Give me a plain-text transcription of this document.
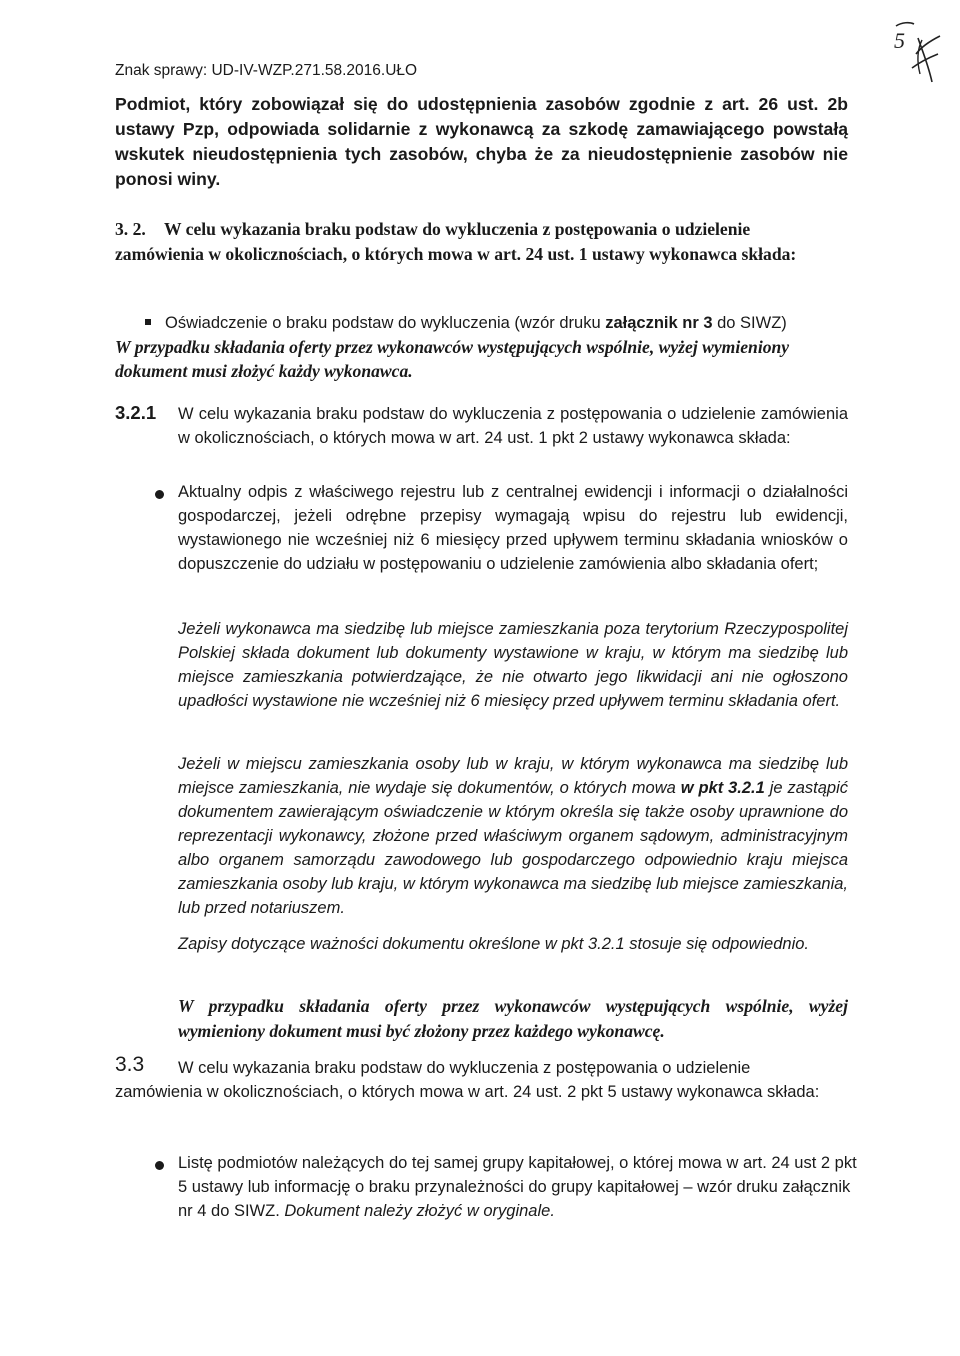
Znak sprawy: UD-IV-WZP.271.58.2016.UŁO
5

Podmiot, który zobowiązał się do udostępnienia zasobów zgodnie z art. 26 ust. 2b ustawy Pzp, odpowiada solidarnie z wykonawcą za szkodę zamawiającego powstałą wskutek nieudostępnienia tych zasobów, chyba że za nieudostępnienie zasobów nie ponosi winy.

3. 2.	W celu wykazania braku podstaw do wykluczenia z postępowania o udzielenie

zamówienia w okolicznościach, o których mowa w art. 24 ust. 1 ustawy wykonawca składa:

Oświadczenie o braku podstaw do wykluczenia (wzór druku załącznik nr 3 do SIWZ)

W przypadku składania oferty przez wykonawców występujących wspólnie, wyżej wymieniony dokument musi złożyć każdy wykonawca.

3.2.1 W celu wykazania braku podstaw do wykluczenia z postępowania o udzielenie zamówienia w okolicznościach, o których mowa w art. 24 ust. 1 pkt 2 ustawy wykonawca składa:

Aktualny odpis z właściwego rejestru lub z centralnej ewidencji i informacji o działalności gospodarczej, jeżeli odrębne przepisy wymagają wpisu do rejestru lub ewidencji, wystawionego nie wcześniej niż 6 miesięcy przed upływem terminu składania wniosków o dopuszczenie do udziału w postępowaniu o udzielenie zamówienia albo składania ofert;

Jeżeli wykonawca ma siedzibę lub miejsce zamieszkania poza terytorium Rzeczypospolitej Polskiej składa dokument lub dokumenty wystawione w kraju, w którym ma siedzibę lub miejsce zamieszkania potwierdzające, że nie otwarto jego likwidacji ani nie ogłoszono upadłości wystawione nie wcześniej niż 6 miesięcy przed upływem terminu składania ofert.

Jeżeli w miejscu zamieszkania osoby lub w kraju, w którym wykonawca ma siedzibę lub miejsce zamieszkania, nie wydaje się dokumentów, o których mowa w pkt 3.2.1 je zastąpić dokumentem zawierającym oświadczenie w którym określa się także osoby uprawnione do reprezentacji wykonawcy, złożone przed właściwym organem sądowym, administracyjnym albo organem samorządu zawodowego lub gospodarczego odpowiednio kraju miejsca zamieszkania osoby lub kraju, w którym wykonawca ma siedzibę lub miejsce zamieszkania, lub przed notariuszem.

Zapisy dotyczące ważności dokumentu określone w pkt 3.2.1 stosuje się odpowiednio.

W przypadku składania oferty przez wykonawców występujących wspólnie, wyżej wymieniony dokument musi być złożony przez każdego wykonawcę.

3.3 W celu wykazania braku podstaw do wykluczenia z postępowania o udzielenie

zamówienia w okolicznościach, o których mowa w art. 24 ust. 2 pkt 5 ustawy wykonawca składa:

Listę podmiotów należących do tej samej grupy kapitałowej, o której mowa w art. 24 ust 2 pkt 5 ustawy lub informację o braku przynależności do grupy kapitałowej – wzór druku załącznik nr 4 do SIWZ. Dokument należy złożyć w oryginale.
